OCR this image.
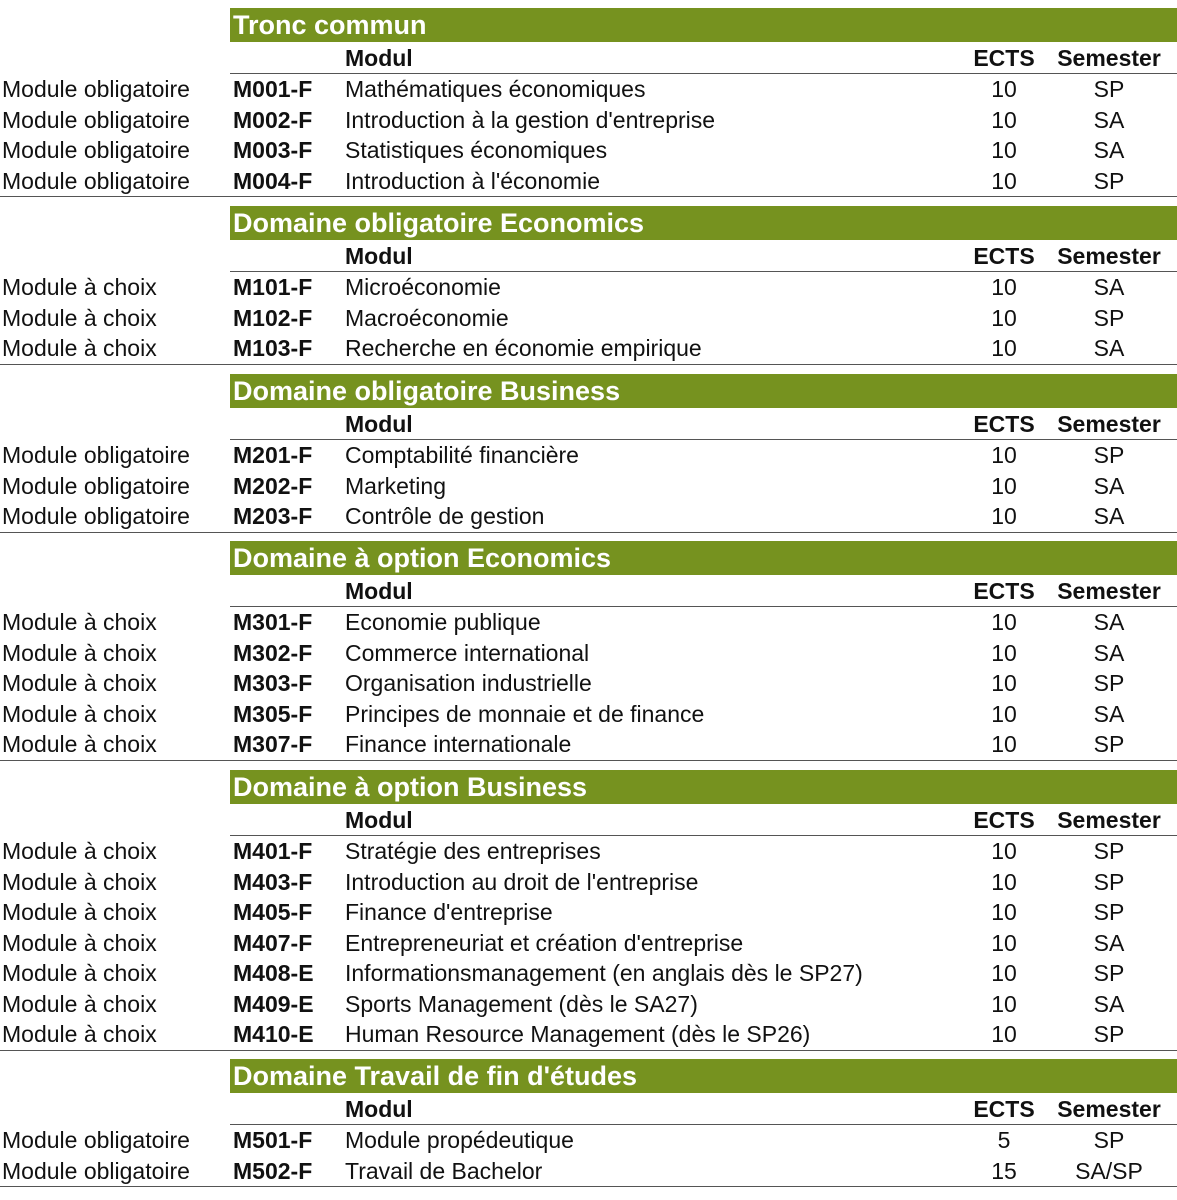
Tronc commun
Modul	ECTS Semester
Module obligatoire	M001-F	Mathématiques économiques	10	SP
Module obligatoire	M002-F	Introduction à la gestion d'entreprise	10	SA
Module obligatoire	M003-F	Statistiques économiques	10	SA
Module obligatoire	M004-F	Introduction à l'économie	10	SP
Domaine obligatoire Economics
Modul	ECTS Semester
Module à choix	M101-F	Microéconomie	10	SA
Module à choix	M102-F	Macroéconomie	10	SP
Module à choix	M103-F	Recherche en économie empirique	10	SA
Domaine obligatoire Business
Modul	ECTS Semester
Module obligatoire	M201-F	Comptabilité financière	10	SP
Module obligatoire	M202-F	Marketing	10	SA
Module obligatoire	M203-F	Contrôle de gestion	10	SA
Domaine à option Economics
Modul	ECTS Semester
Module à choix	M301-F	Economie publique	10	SA
Module à choix	M302-F	Commerce international	10	SA
Module à choix	M303-F	Organisation industrielle	10	SP
Module à choix	M305-F	Principes de monnaie et de finance	10	SA
Module à choix	M307-F	Finance internationale	10	SP
Domaine à option Business
Modul	ECTS Semester
Module à choix	M401-F	Stratégie des entreprises	10	SP
Module à choix	M403-F	Introduction au droit de l'entreprise	10	SP
Module à choix	M405-F	Finance d'entreprise	10	SP
Module à choix	M407-F	Entrepreneuriat et création d'entreprise	10	SA
Module à choix	M408-E	Informationsmanagement (en anglais dès le SP27)	10	SP
Module à choix	M409-E	Sports Management (dès le SA27)	10	SA
Module à choix	M410-E	Human Resource Management (dès le SP26)	10	SP
Domaine Travail de fin d'études
Modul	ECTS Semester
Module obligatoire	M501-F	Module propédeutique	5	SP
Module obligatoire	M502-F	Travail de Bachelor	15	SA/SP
